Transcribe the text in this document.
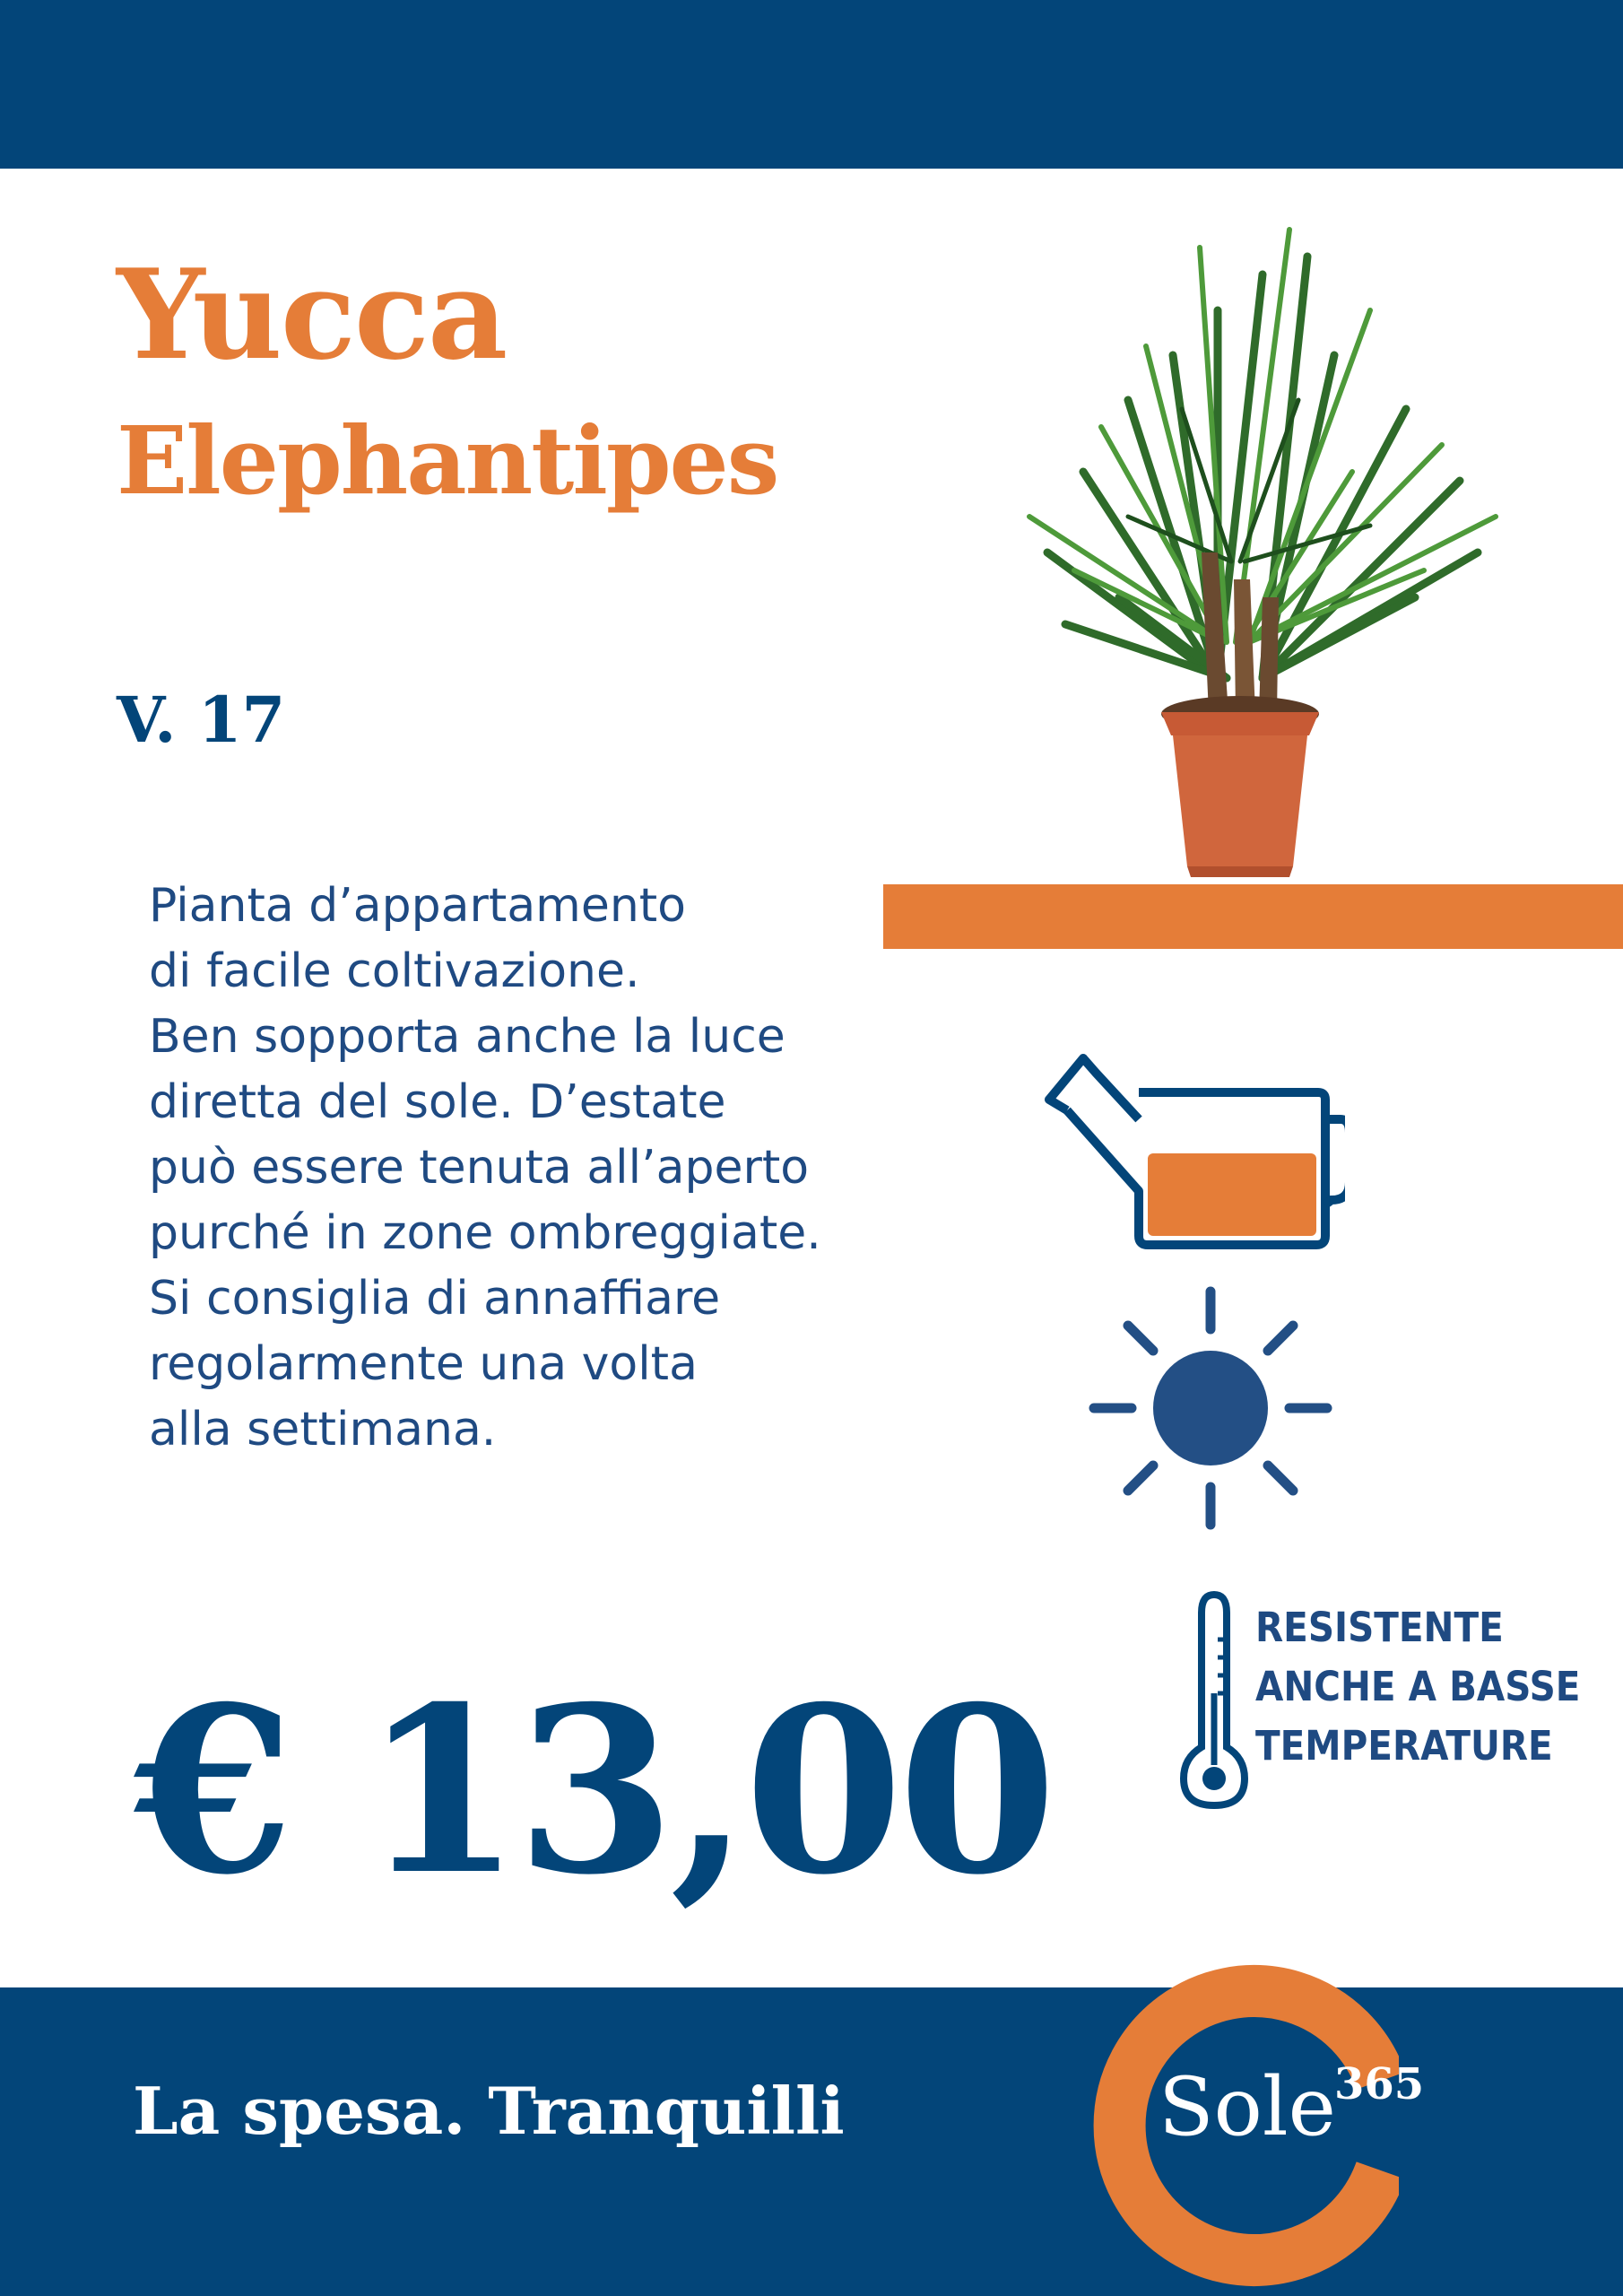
Yucca
Elephantipes
V. 17
Pianta d’appartamento
di facile coltivazione.
Ben sopporta anche la luce
diretta del sole. D’estate
può essere tenuta all’aperto
purché in zone ombreggiate.
Si consiglia di annaffiare
regolarmente una volta
alla settimana.
RESISTENTE
ANCHE A BASSE
TEMPERATURE
€ 13,00
La spesa. Tranquilli	Sole
365
